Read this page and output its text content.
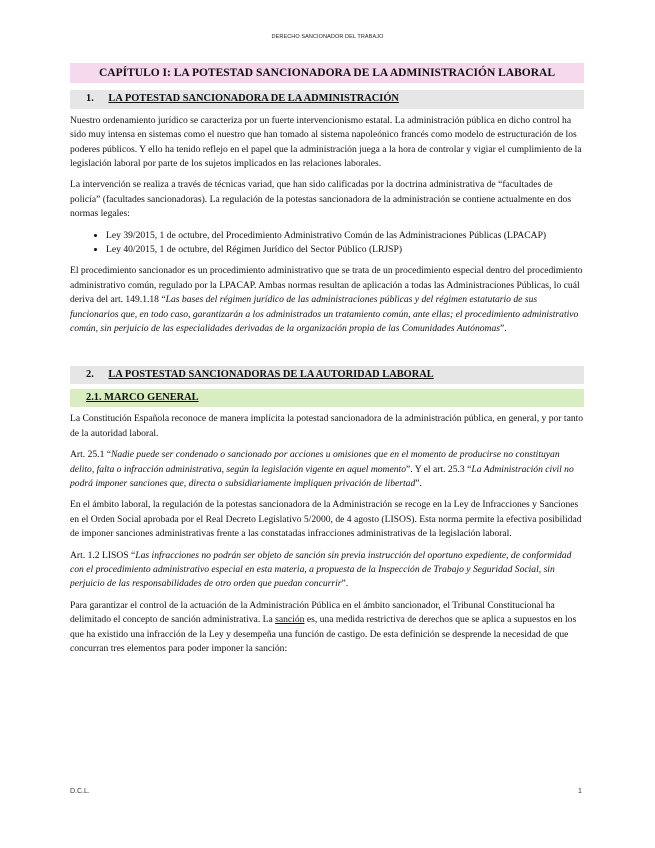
DERECHO SANCIONADOR DEL TRABAJO
CAPÍTULO I: LA POTESTAD SANCIONADORA DE LA ADMINISTRACIÓN LABORAL
1. LA POTESTAD SANCIONADORA DE LA ADMINISTRACIÓN

Nuestro ordenamiento jurídico se caracteriza por un fuerte intervencionismo estatal. La administración pública en dicho control ha sido muy intensa en sistemas como el nuestro que han tomado al sistema napoleónico francés como modelo de estructuración de los poderes públicos. Y ello ha tenido reflejo en el papel que la administración juega a la hora de controlar y vigiar el cumplimiento de la legislación laboral por parte de los sujetos implicados en las relaciones laborales.

La intervención se realiza a través de técnicas variad, que han sido calificadas por la doctrina administrativa de “facultades de policía” (facultades sancionadoras). La regulación de la potestas sancionadora de la administración se contiene actualmente en dos normas legales:

• Ley 39/2015, 1 de octubre, del Procedimiento Administrativo Común de las Administraciones Públicas (LPACAP)
• Ley 40/2015, 1 de octubre, del Régimen Jurídico del Sector Público (LRJSP)

El procedimiento sancionador es un procedimiento administrativo que se trata de un procedimiento especial dentro del procedimiento administrativo común, regulado por la LPACAP. Ambas normas resultan de aplicación a todas las Administraciones Públicas, lo cuál deriva del art. 149.1.18 “Las bases del régimen jurídico de las administraciones públicas y del régimen estatutario de sus funcionarios que, en todo caso, garantizarán a los administrados un tratamiento común, ante ellas; el procedimiento administrativo común, sin perjuicio de las especialidades derivadas de la organización propia de las Comunidades Autónomas”.

2. LA POSTESTAD SANCIONADORAS DE LA AUTORIDAD LABORAL
2.1. MARCO GENERAL

La Constitución Española reconoce de manera implícita la potestad sancionadora de la administración pública, en general, y por tanto de la autoridad laboral.

Art. 25.1 “Nadie puede ser condenado o sancionado por acciones u omisiones que en el momento de producirse no constituyan delito, falta o infracción administrativa, según la legislación vigente en aquel momento”. Y el art. 25.3 “La Administración civil no podrá imponer sanciones que, directa o subsidiariamente impliquen privación de libertad”.

En el ámbito laboral, la regulación de la potestas sancionadora de la Administración se recoge en la Ley de Infracciones y Sanciones en el Orden Social aprobada por el Real Decreto Legislativo 5/2000, de 4 agosto (LISOS). Esta norma permite la efectiva posibilidad de imponer sanciones administrativas frente a las constatadas infracciones administrativas de la legislación laboral.

Art. 1.2 LISOS “Las infracciones no podrán ser objeto de sanción sin previa instrucción del oportuno expediente, de conformidad con el procedimiento administrativo especial en esta materia, a propuesta de la Inspección de Trabajo y Seguridad Social, sin perjuicio de las responsabilidades de otro orden que puedan concurrir”.

Para garantizar el control de la actuación de la Administración Pública en el ámbito sancionador, el Tribunal Constitucional ha delimitado el concepto de sanción administrativa. La sanción es, una medida restrictiva de derechos que se aplica a supuestos en los que ha existido una infracción de la Ley y desempeña una función de castigo. De esta definición se desprende la necesidad de que concurran tres elementos para poder imponer la sanción:

D.C.L.	1
